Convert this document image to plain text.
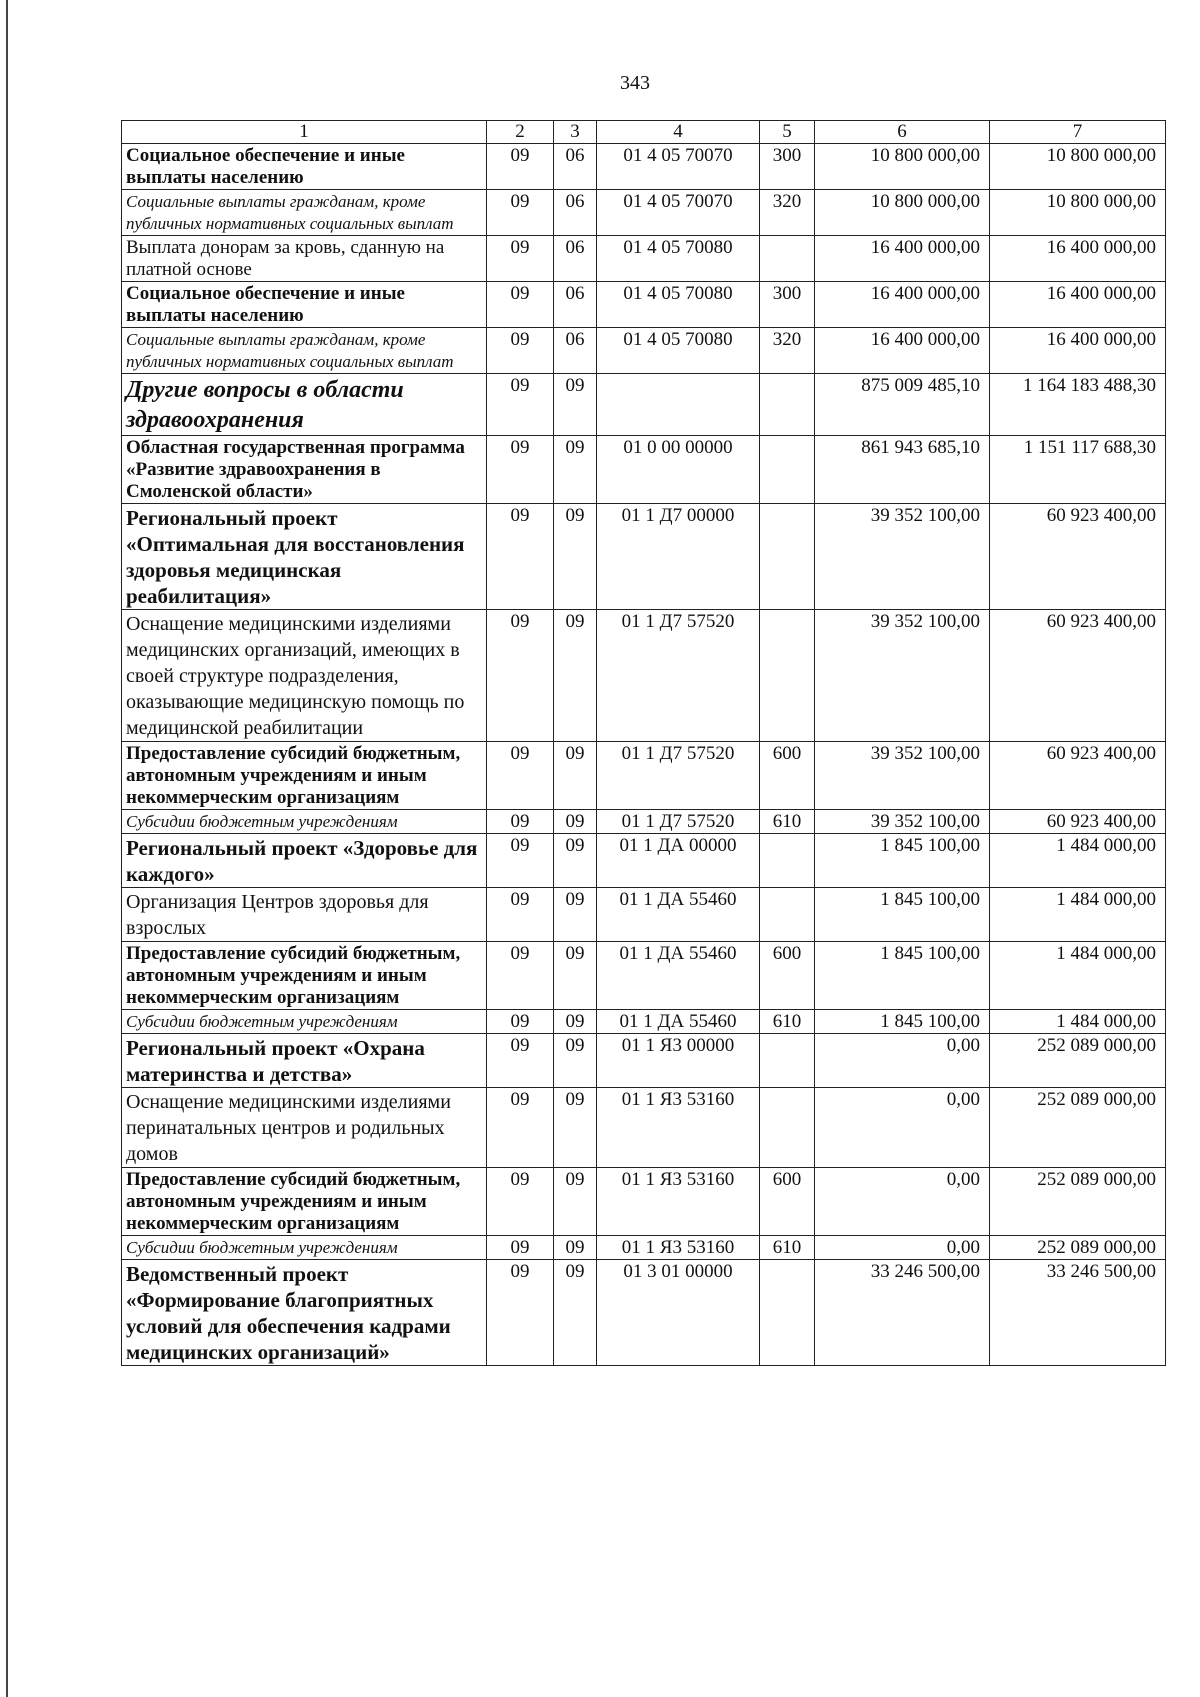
343
1	2	3	4	5	6	7
Социальное обеспечение и иные выплаты населению	09	06	01 4 05 70070	300	10 800 000,00	10 800 000,00
Социальные выплаты гражданам, кроме публичных нормативных социальных выплат	09	06	01 4 05 70070	320	10 800 000,00	10 800 000,00
Выплата донорам за кровь, сданную на платной основе	09	06	01 4 05 70080		16 400 000,00	16 400 000,00
Социальное обеспечение и иные выплаты населению	09	06	01 4 05 70080	300	16 400 000,00	16 400 000,00
Социальные выплаты гражданам, кроме публичных нормативных социальных выплат	09	06	01 4 05 70080	320	16 400 000,00	16 400 000,00
Другие вопросы в области здравоохранения	09	09			875 009 485,10	1 164 183 488,30
Областная государственная программа «Развитие здравоохранения в Смоленской области»	09	09	01 0 00 00000		861 943 685,10	1 151 117 688,30
Региональный проект «Оптимальная для восстановления здоровья медицинская реабилитация»	09	09	01 1 Д7 00000		39 352 100,00	60 923 400,00
Оснащение медицинскими изделиями медицинских организаций, имеющих в своей структуре подразделения, оказывающие медицинскую помощь по медицинской реабилитации	09	09	01 1 Д7 57520		39 352 100,00	60 923 400,00
Предоставление субсидий бюджетным, автономным учреждениям и иным некоммерческим организациям	09	09	01 1 Д7 57520	600	39 352 100,00	60 923 400,00
Субсидии бюджетным учреждениям	09	09	01 1 Д7 57520	610	39 352 100,00	60 923 400,00
Региональный проект «Здоровье для каждого»	09	09	01 1 ДА 00000		1 845 100,00	1 484 000,00
Организация Центров здоровья для взрослых	09	09	01 1 ДА 55460		1 845 100,00	1 484 000,00
Предоставление субсидий бюджетным, автономным учреждениям и иным некоммерческим организациям	09	09	01 1 ДА 55460	600	1 845 100,00	1 484 000,00
Субсидии бюджетным учреждениям	09	09	01 1 ДА 55460	610	1 845 100,00	1 484 000,00
Региональный проект «Охрана материнства и детства»	09	09	01 1 Я3 00000		0,00	252 089 000,00
Оснащение медицинскими изделиями перинатальных центров и родильных домов	09	09	01 1 Я3 53160		0,00	252 089 000,00
Предоставление субсидий бюджетным, автономным учреждениям и иным некоммерческим организациям	09	09	01 1 Я3 53160	600	0,00	252 089 000,00
Субсидии бюджетным учреждениям	09	09	01 1 Я3 53160	610	0,00	252 089 000,00
Ведомственный проект «Формирование благоприятных условий для обеспечения кадрами медицинских организаций»	09	09	01 3 01 00000		33 246 500,00	33 246 500,00
